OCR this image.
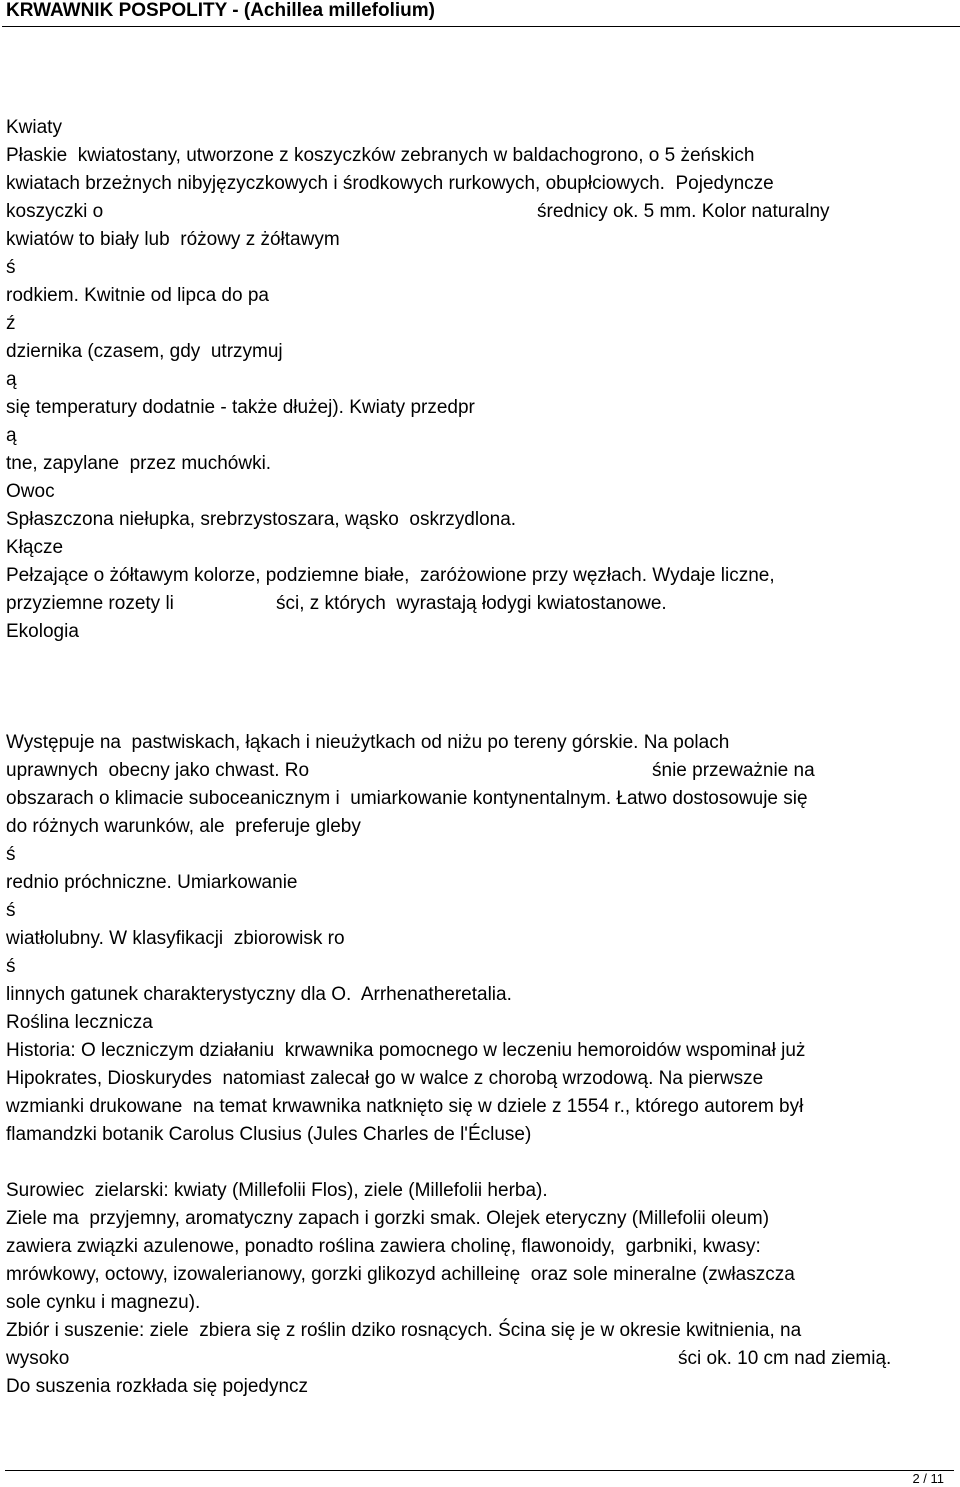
KRWAWNIK POSPOLITY - (Achillea millefolium)
Kwiaty
Płaskie  kwiatostany, utworzone z koszyczków zebranych w baldachogrono, o 5 żeńskich
kwiatach brzeżnych nibyjęzyczkowych i środkowych rurkowych, obupłciowych.  Pojedyncze
koszyczki o	średnicy ok. 5 mm. Kolor naturalny
kwiatów to biały lub  różowy z żółtawym
ś
rodkiem. Kwitnie od lipca do pa
ź
dziernika (czasem, gdy  utrzymuj
ą
się temperatury dodatnie - także dłużej). Kwiaty przedpr
ą
tne, zapylane  przez muchówki.
Owoc
Spłaszczona niełupka, srebrzystoszara, wąsko  oskrzydlona.
Kłącze
Pełzające o żółtawym kolorze, podziemne białe,  zaróżowione przy węzłach. Wydaje liczne,
przyziemne rozety li	ści, z których  wyrastają łodygi kwiatostanowe.
Ekologia
Występuje na  pastwiskach, łąkach i nieużytkach od niżu po tereny górskie. Na polach
uprawnych  obecny jako chwast. Ro	śnie przeważnie na
obszarach o klimacie suboceanicznym i  umiarkowanie kontynentalnym. Łatwo dostosowuje się
do różnych warunków, ale  preferuje gleby
ś
rednio próchniczne. Umiarkowanie
ś
wiatłolubny. W klasyfikacji  zbiorowisk ro
ś
linnych gatunek charakterystyczny dla O.  Arrhenatheretalia.
Roślina lecznicza
Historia: O leczniczym działaniu  krwawnika pomocnego w leczeniu hemoroidów wspominał już
Hipokrates, Dioskurydes  natomiast zalecał go w walce z chorobą wrzodową. Na pierwsze
wzmianki drukowane  na temat krwawnika natknięto się w dziele z 1554 r., którego autorem był
flamandzki botanik Carolus Clusius (Jules Charles de l'Écluse)
Surowiec  zielarski: kwiaty (Millefolii Flos), ziele (Millefolii herba).
Ziele ma  przyjemny, aromatyczny zapach i gorzki smak. Olejek eteryczny (Millefolii oleum)
zawiera związki azulenowe, ponadto roślina zawiera cholinę, flawonoidy,  garbniki, kwasy:
mrówkowy, octowy, izowalerianowy, gorzki glikozyd achilleinę  oraz sole mineralne (zwłaszcza
sole cynku i magnezu).
Zbiór i suszenie: ziele  zbiera się z roślin dziko rosnących. Ścina się je w okresie kwitnienia, na
wysoko	ści ok. 10 cm nad ziemią.
Do suszenia rozkłada się pojedyncz
2 / 11
